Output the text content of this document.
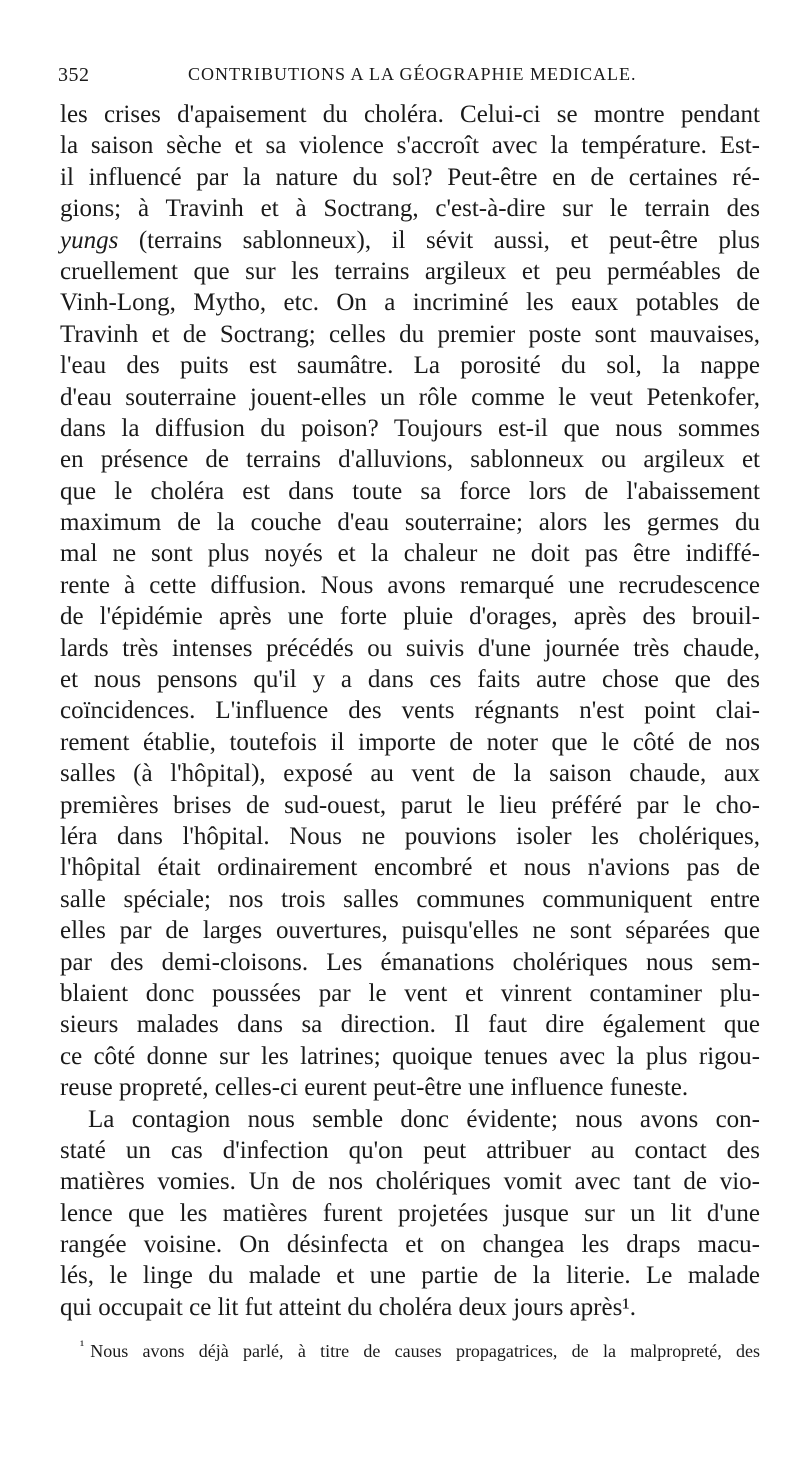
352	CONTRIBUTIONS A LA GÉOGRAPHIE MEDICALE.
les crises d'apaisement du choléra. Celui-ci se montre pendant
la saison sèche et sa violence s'accroît avec la température. Est-
il influencé par la nature du sol? Peut-être en de certaines ré-
gions; à Travinh et à Soctrang, c'est-à-dire sur le terrain des
yungs (terrains sablonneux), il sévit aussi, et peut-être plus
cruellement que sur les terrains argileux et peu perméables de
Vinh-Long, Mytho, etc. On a incriminé les eaux potables de
Travinh et de Soctrang; celles du premier poste sont mauvaises,
l'eau des puits est saumâtre. La porosité du sol, la nappe
d'eau souterraine jouent-elles un rôle comme le veut Petenkofer,
dans la diffusion du poison? Toujours est-il que nous sommes
en présence de terrains d'alluvions, sablonneux ou argileux et
que le choléra est dans toute sa force lors de l'abaissement
maximum de la couche d'eau souterraine; alors les germes du
mal ne sont plus noyés et la chaleur ne doit pas être indiffé-
rente à cette diffusion. Nous avons remarqué une recrudescence
de l'épidémie après une forte pluie d'orages, après des brouil-
lards très intenses précédés ou suivis d'une journée très chaude,
et nous pensons qu'il y a dans ces faits autre chose que des
coïncidences. L'influence des vents régnants n'est point clai-
rement établie, toutefois il importe de noter que le côté de nos
salles (à l'hôpital), exposé au vent de la saison chaude, aux
premières brises de sud-ouest, parut le lieu préféré par le cho-
léra dans l'hôpital. Nous ne pouvions isoler les cholériques,
l'hôpital était ordinairement encombré et nous n'avions pas de
salle spéciale; nos trois salles communes communiquent entre
elles par de larges ouvertures, puisqu'elles ne sont séparées que
par des demi-cloisons. Les émanations cholériques nous sem-
blaient donc poussées par le vent et vinrent contaminer plu-
sieurs malades dans sa direction. Il faut dire également que
ce côté donne sur les latrines; quoique tenues avec la plus rigou-
reuse propreté, celles-ci eurent peut-être une influence funeste.
La contagion nous semble donc évidente; nous avons con-
staté un cas d'infection qu'on peut attribuer au contact des
matières vomies. Un de nos cholériques vomit avec tant de vio-
lence que les matières furent projetées jusque sur un lit d'une
rangée voisine. On désinfecta et on changea les draps macu-
lés, le linge du malade et une partie de la literie. Le malade
qui occupait ce lit fut atteint du choléra deux jours après¹.
$^{^1}$ Nous avons déjà parlé, à titre de causes propagatrices, de la malpropreté, des
